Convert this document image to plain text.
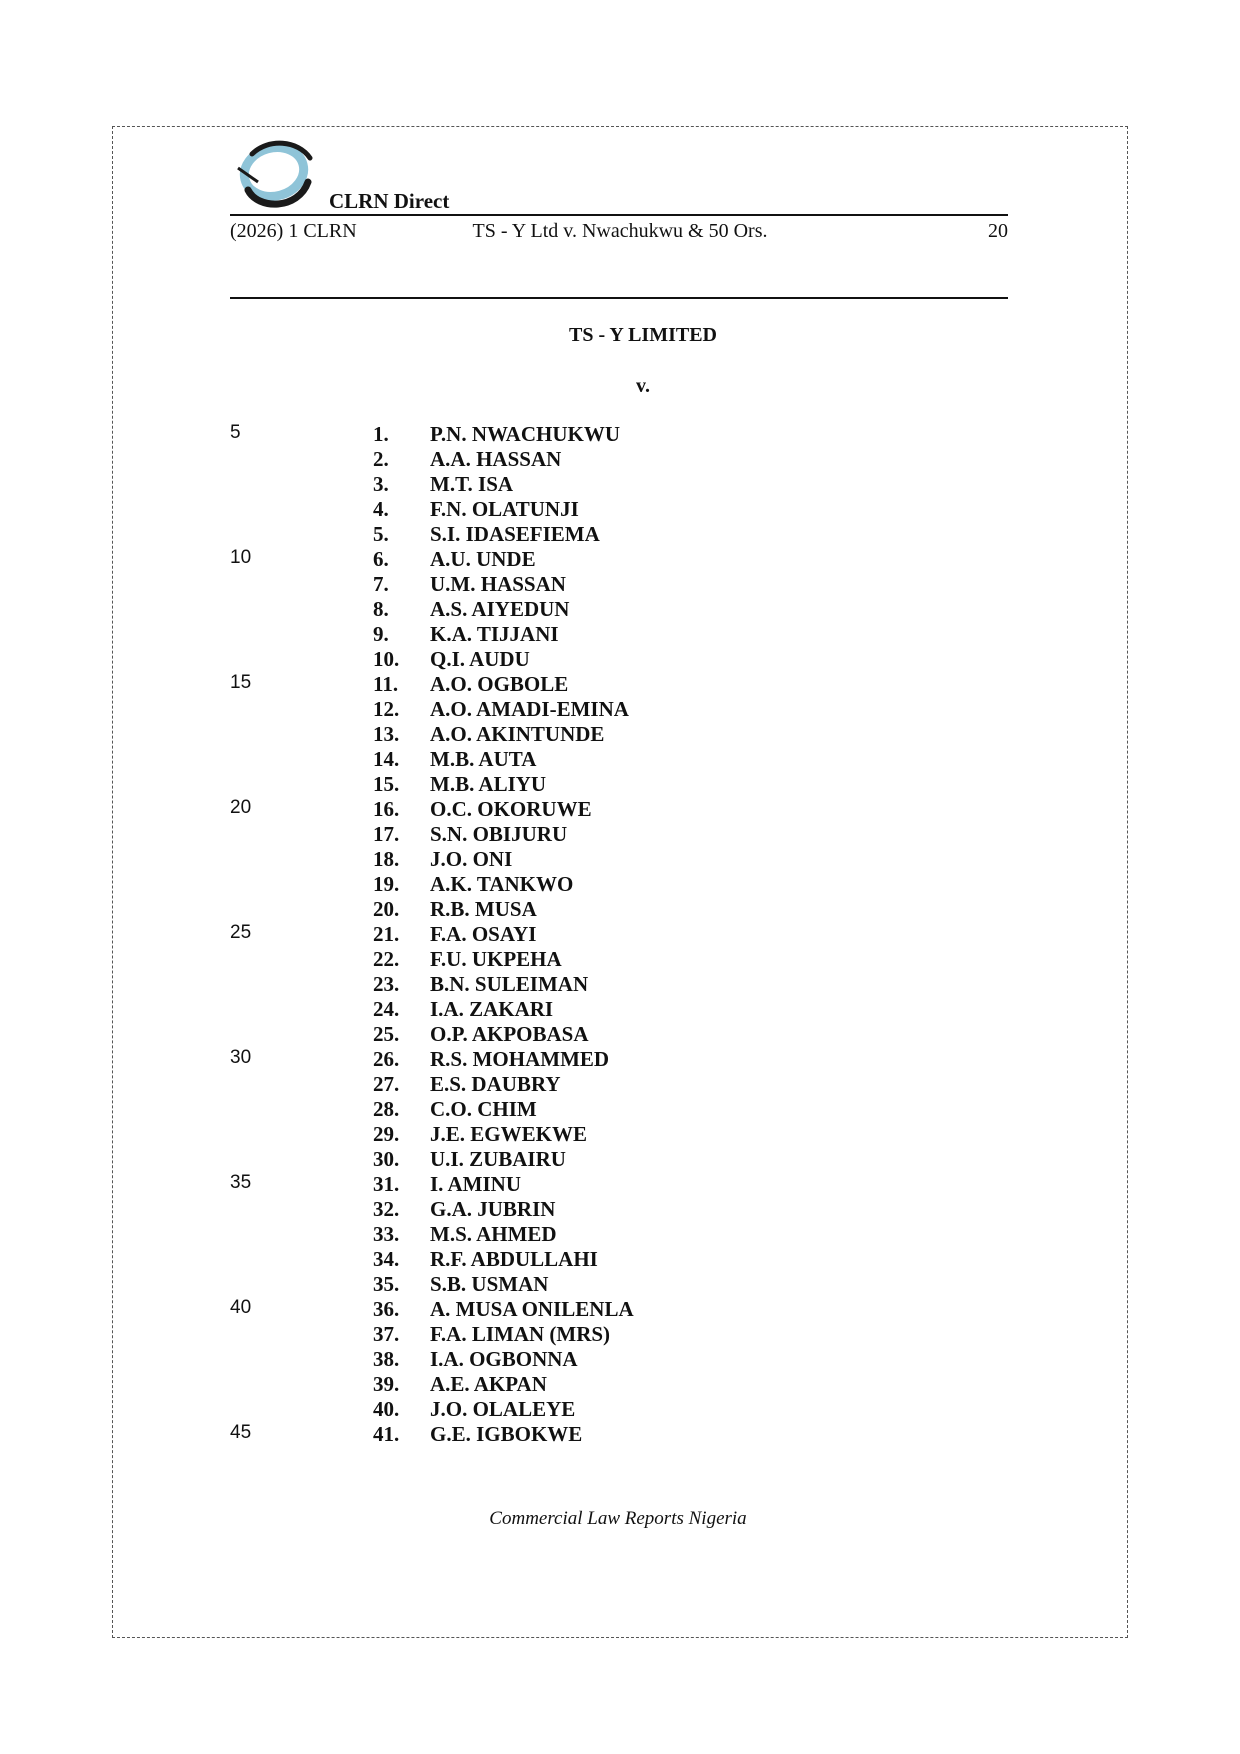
CLRN Direct
(2026) 1 CLRN	TS - Y Ltd v. Nwachukwu & 50 Ors.	20
TS - Y LIMITED
v.
5	1. P.N. NWACHUKWU
2. A.A. HASSAN
3. M.T. ISA
4. F.N. OLATUNJI
5. S.I. IDASEFIEMA
10	6. A.U. UNDE
7. U.M. HASSAN
8. A.S. AIYEDUN
9. K.A. TIJJANI
10. Q.I. AUDU
15	11. A.O. OGBOLE
12. A.O. AMADI-EMINA
13. A.O. AKINTUNDE
14. M.B. AUTA
15. M.B. ALIYU
20	16. O.C. OKORUWE
17. S.N. OBIJURU
18. J.O. ONI
19. A.K. TANKWO
20. R.B. MUSA
25	21. F.A. OSAYI
22. F.U. UKPEHA
23. B.N. SULEIMAN
24. I.A. ZAKARI
25. O.P. AKPOBASA
30	26. R.S. MOHAMMED
27. E.S. DAUBRY
28. C.O. CHIM
29. J.E. EGWEKWE
30. U.I. ZUBAIRU
35	31. I. AMINU
32. G.A. JUBRIN
33. M.S. AHMED
34. R.F. ABDULLAHI
35. S.B. USMAN
40	36. A. MUSA ONILENLA
37. F.A. LIMAN (MRS)
38. I.A. OGBONNA
39. A.E. AKPAN
40. J.O. OLALEYE
45	41. G.E. IGBOKWE
Commercial Law Reports Nigeria
